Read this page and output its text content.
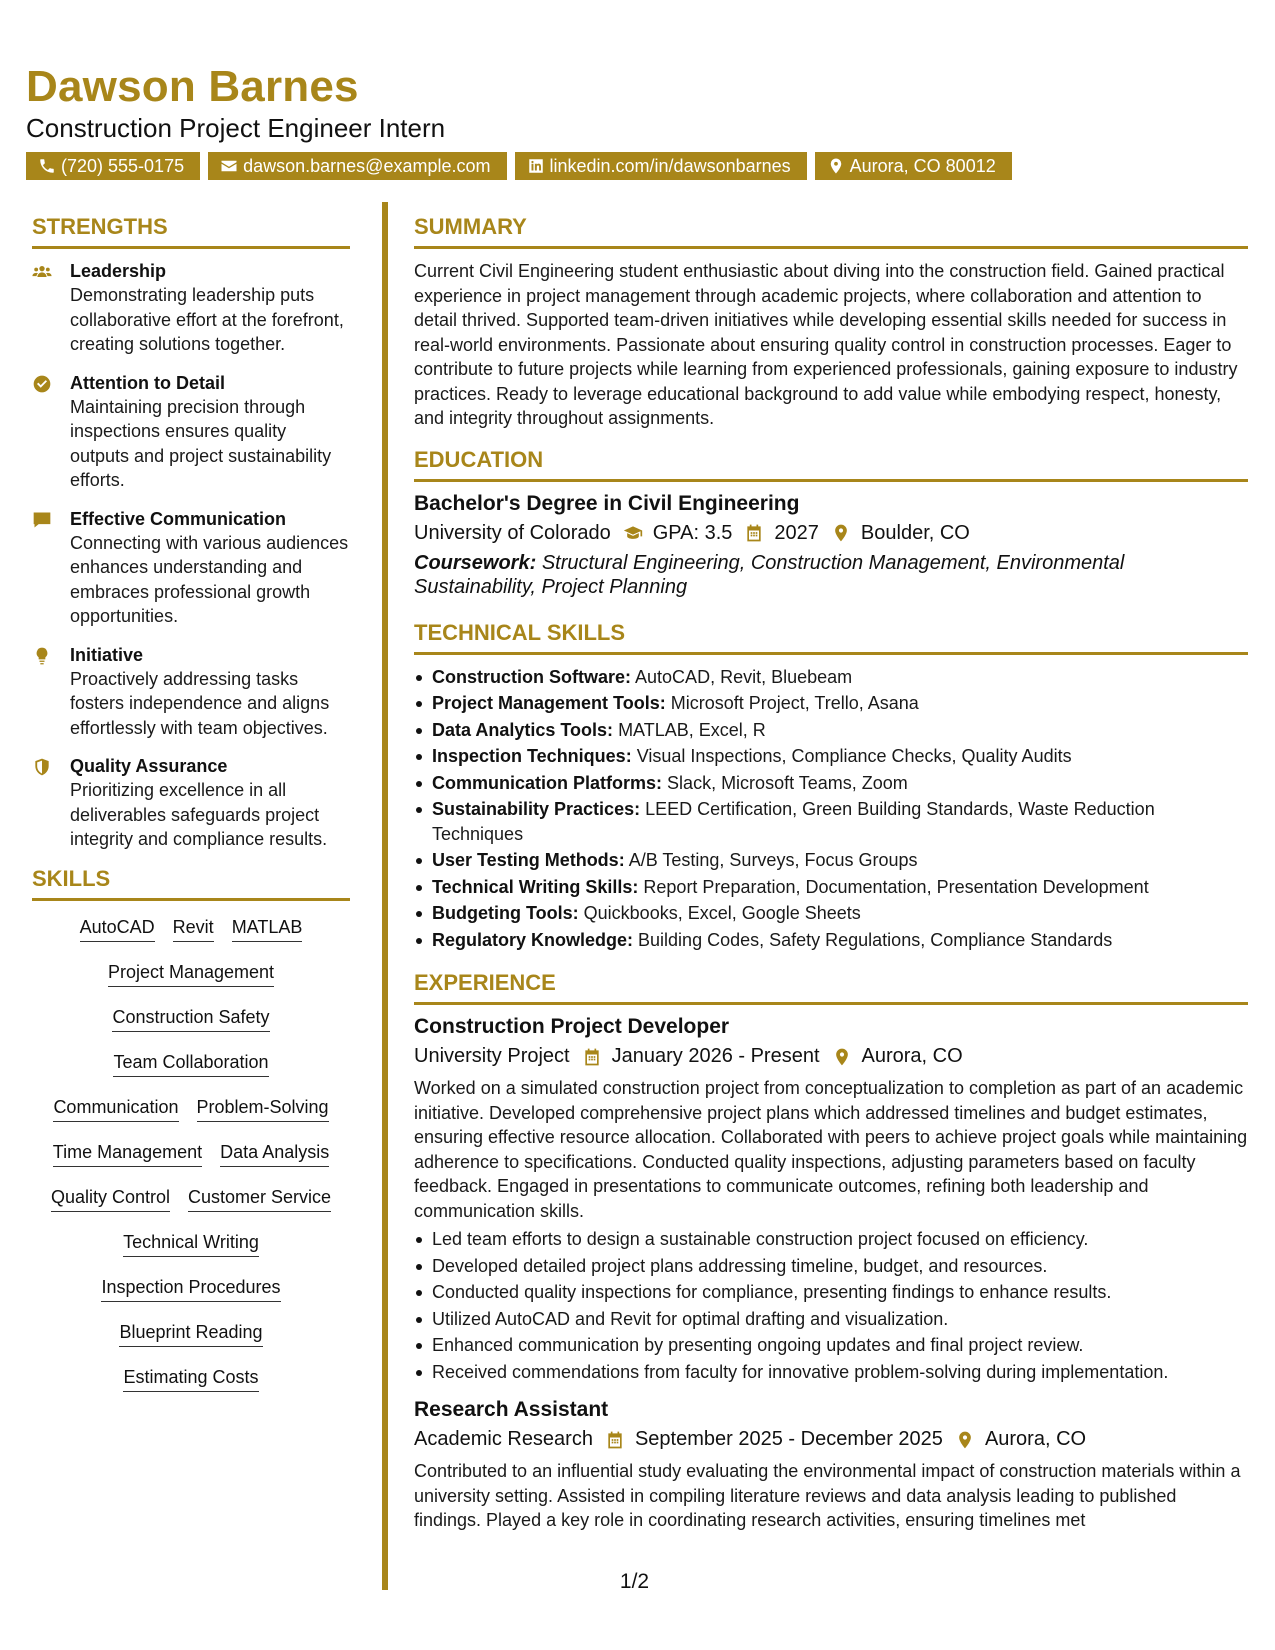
Dawson Barnes
Construction Project Engineer Intern
(720) 555-0175	dawson.barnes@example.com	linkedin.com/in/dawsonbarnes	Aurora, CO 80012
STRENGTHS
Leadership
Demonstrating leadership puts collaborative effort at the forefront, creating solutions together.
Attention to Detail
Maintaining precision through inspections ensures quality outputs and project sustainability efforts.
Effective Communication
Connecting with various audiences enhances understanding and embraces professional growth opportunities.
Initiative
Proactively addressing tasks fosters independence and aligns effortlessly with team objectives.
Quality Assurance
Prioritizing excellence in all deliverables safeguards project integrity and compliance results.
SKILLS
AutoCAD Revit MATLAB
Project Management
Construction Safety
Team Collaboration
Communication Problem-Solving
Time Management Data Analysis
Quality Control Customer Service
Technical Writing
Inspection Procedures
Blueprint Reading
Estimating Costs
SUMMARY
Current Civil Engineering student enthusiastic about diving into the construction field. Gained practical experience in project management through academic projects, where collaboration and attention to detail thrived. Supported team-driven initiatives while developing essential skills needed for success in real-world environments. Passionate about ensuring quality control in construction processes. Eager to contribute to future projects while learning from experienced professionals, gaining exposure to industry practices. Ready to leverage educational background to add value while embodying respect, honesty, and integrity throughout assignments.
EDUCATION
Bachelor's Degree in Civil Engineering
University of Colorado GPA: 3.5 2027 Boulder, CO
Coursework: Structural Engineering, Construction Management, Environmental Sustainability, Project Planning
TECHNICAL SKILLS
Construction Software: AutoCAD, Revit, Bluebeam
Project Management Tools: Microsoft Project, Trello, Asana
Data Analytics Tools: MATLAB, Excel, R
Inspection Techniques: Visual Inspections, Compliance Checks, Quality Audits
Communication Platforms: Slack, Microsoft Teams, Zoom
Sustainability Practices: LEED Certification, Green Building Standards, Waste Reduction Techniques
User Testing Methods: A/B Testing, Surveys, Focus Groups
Technical Writing Skills: Report Preparation, Documentation, Presentation Development
Budgeting Tools: Quickbooks, Excel, Google Sheets
Regulatory Knowledge: Building Codes, Safety Regulations, Compliance Standards
EXPERIENCE
Construction Project Developer
University Project January 2026 - Present Aurora, CO
Worked on a simulated construction project from conceptualization to completion as part of an academic initiative. Developed comprehensive project plans which addressed timelines and budget estimates, ensuring effective resource allocation. Collaborated with peers to achieve project goals while maintaining adherence to specifications. Conducted quality inspections, adjusting parameters based on faculty feedback. Engaged in presentations to communicate outcomes, refining both leadership and communication skills.
Led team efforts to design a sustainable construction project focused on efficiency.
Developed detailed project plans addressing timeline, budget, and resources.
Conducted quality inspections for compliance, presenting findings to enhance results.
Utilized AutoCAD and Revit for optimal drafting and visualization.
Enhanced communication by presenting ongoing updates and final project review.
Received commendations from faculty for innovative problem-solving during implementation.
Research Assistant
Academic Research September 2025 - December 2025 Aurora, CO
Contributed to an influential study evaluating the environmental impact of construction materials within a university setting. Assisted in compiling literature reviews and data analysis leading to published findings. Played a key role in coordinating research activities, ensuring timelines met
1/2
